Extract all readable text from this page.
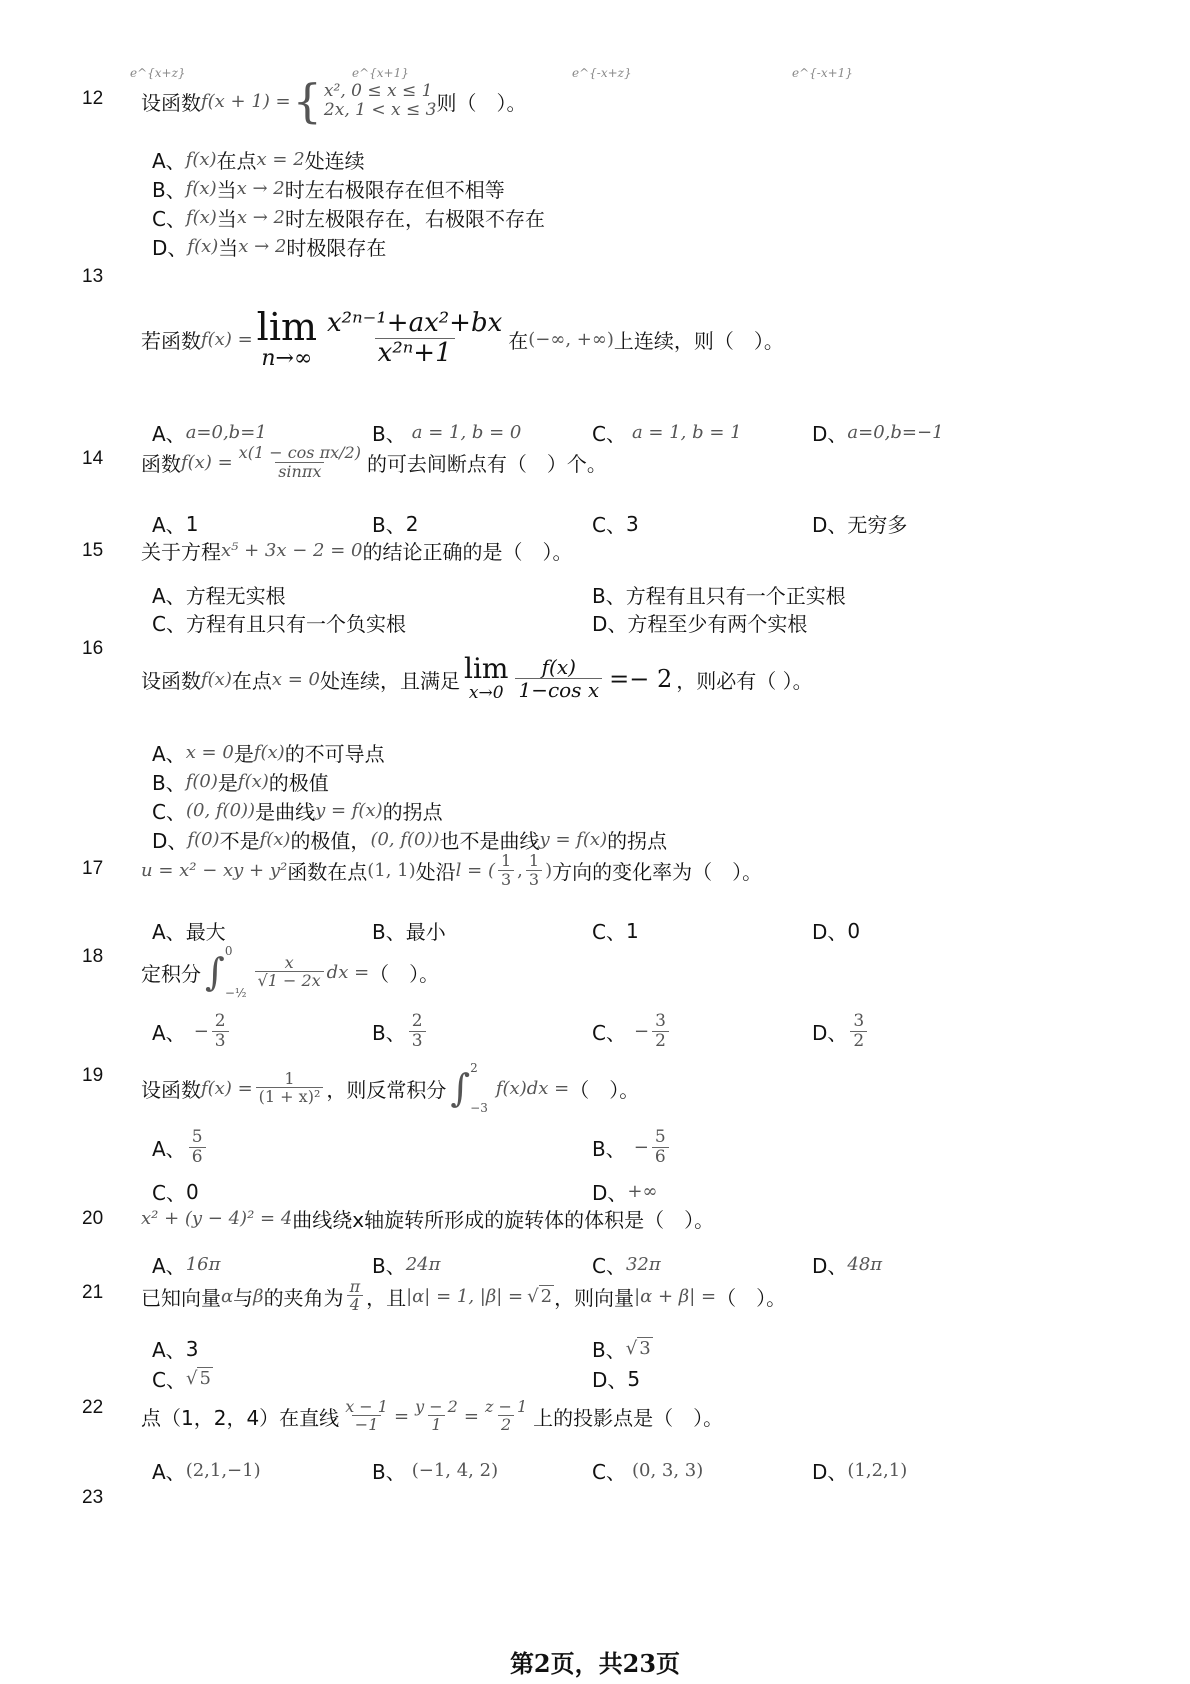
e^{x+z}	e^{x+1}	e^{-x+z}	e^{-x+1}
12 设函数 f(x + 1) = { x², 0 ≤ x ≤ 1
2x, 1 < x ≤ 3 则（　）。
A、 f(x) 在点 x = 2 处连续
B、 f(x) 当 x → 2 时左右极限存在但不相等
C、 f(x) 当 x → 2 时左极限存在，右极限不存在
D、 f(x) 当 x → 2 时极限存在
13
若函数 f(x) = lim
$n\to\infty \frac{\text{x²ⁿ⁻¹+ax²+bx}}{\text{x²ⁿ+1}}$ 在 (−∞, +∞) 上连续，则（　）。
A、 a=0,b=1	B、 a = 1, b = 0	C、 a = 1, b = 1	D、 a=0,b=−1
14 函数 $f(x) = \frac{\text{x(1 − cos πx/2)}}{\sin\pi x}$ 的可去间断点有（　）个。
A、 1	B、 2	C、 3	D、 无穷多
15 关于方程 x⁵ + 3x − 2 = 0 的结论正确的是（　）。
A、 方程无实根	B、 方程有且只有一个正实根
C、 方程有且只有一个负实根	D、 方程至少有两个实根
16
设函数 f(x) 在点 x = 0 处连续，且满足 lim
$x\to 0 \frac{f(x)}{\text{1−cos x}} =- 2$ ，则必有（ ）。
A、 x = 0 是 f(x) 的不可导点
B、 f(0) 是 f(x) 的极值
C、 (0, f(0)) 是曲线 y = f(x) 的拐点
D、 f(0) 不是 f(x) 的极值， (0, f(0)) 也不是曲线 y = f(x) 的拐点
17 u = x² − xy + y² 函数在点 (1, 1) 处沿 l = ( $\frac{1}{3}$ , $\frac{1}{3}$ ) 方向的变化率为（　）。
A、 最大	B、 最小	C、 1	D、 0
18
定积分 ∫ 0
−½
$\frac{x}{√1 - 2x}$ dx = （　）。
A、 − $\frac{2}{3}$	B、 $\frac{2}{3}$	C、 − $\frac{3}{2}$	D、 $\frac{3}{2}$
19
设函数 $f(x) = \frac{1}{\text{(1 + x)²}}$ ，则反常积分 ∫ 2
−3
f(x)dx = （　）。
A、 $\frac{5}{6}$	B、 − $\frac{5}{6}$
C、 0	D、 +∞
20 x² + (y − 4)² = 4 曲线绕x轴旋转所形成的旋转体的体积是（　）。
A、 16π	B、 24π	C、 32π	D、 48π
21 已知向量 α 与 β 的夹角为 $\frac{\pi}{4}$ ，且 |α| = 1, |β| = √ 2 ，则向量 |α + β| = （　）。
A、 3	B、 √ 3
C、 √ 5	D、 5
22 点（1，2，4）在直线 $\frac{x - 1}{-1} = \frac{y - 2}{1} = \frac{z - 1}{2}$ 上的投影点是（　）。
A、 (2,1,−1)	B、 (−1, 4, 2)	C、 (0, 3, 3)	D、 (1,2,1)
23
第2页，共23页
